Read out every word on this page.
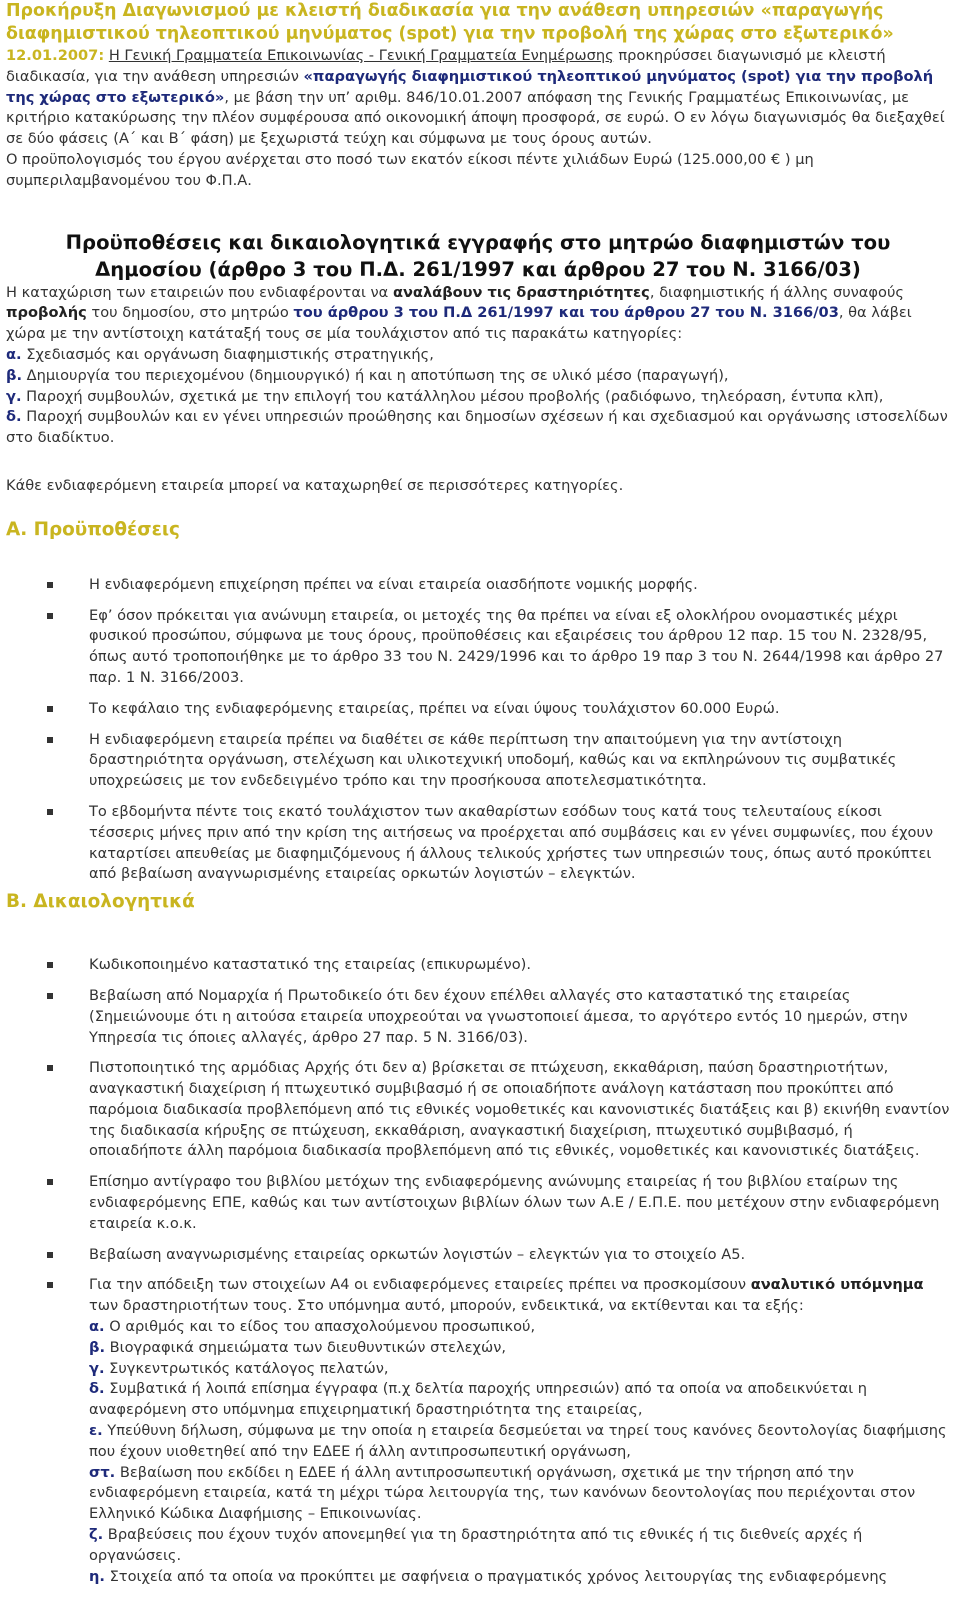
Προκήρυξη Διαγωνισμού με κλειστή διαδικασία για την ανάθεση υπηρεσιών «παραγωγής
διαφημιστικού τηλεοπτικού μηνύματος (spot) για την προβολή της χώρας στο εξωτερικό»

12.01.2007: Η Γενική Γραμματεία Επικοινωνίας - Γενική Γραμματεία Ενημέρωσης προκηρύσσει διαγωνισμό με κλειστή διαδικασία, για την ανάθεση υπηρεσιών «παραγωγής διαφημιστικού τηλεοπτικού μηνύματος (spot) για την προβολή της χώρας στο εξωτερικό», με βάση την υπ’ αριθμ. 846/10.01.2007 απόφαση της Γενικής Γραμματέως Επικοινωνίας, με κριτήριο κατακύρωσης την πλέον συμφέρουσα από οικονομική άποψη προσφορά, σε ευρώ. Ο εν λόγω διαγωνισμός θα διεξαχθεί σε δύο φάσεις (Α΄ και Β΄ φάση) με ξεχωριστά τεύχη και σύμφωνα με τους όρους αυτών.
Ο προϋπολογισμός του έργου ανέρχεται στο ποσό των εκατόν είκοσι πέντε χιλιάδων Ευρώ (125.000,00 € ) μη συμπεριλαμβανομένου του Φ.Π.Α.

Προϋποθέσεις και δικαιολογητικά εγγραφής στο μητρώο διαφημιστών του
Δημοσίου (άρθρο 3 του Π.Δ. 261/1997 και άρθρου 27 του Ν. 3166/03)

Η καταχώριση των εταιρειών που ενδιαφέρονται να αναλάβουν τις δραστηριότητες, διαφημιστικής ή άλλης συναφούς προβολής του δημοσίου, στο μητρώο του άρθρου 3 του Π.Δ 261/1997 και του άρθρου 27 του Ν. 3166/03, θα λάβει χώρα με την αντίστοιχη κατάταξή τους σε μία τουλάχιστον από τις παρακάτω κατηγορίες:

α. Σχεδιασμός και οργάνωση διαφημιστικής στρατηγικής,
β. Δημιουργία του περιεχομένου (δημιουργικό) ή και η αποτύπωση της σε υλικό μέσο (παραγωγή),
γ. Παροχή συμβουλών, σχετικά με την επιλογή του κατάλληλου μέσου προβολής (ραδιόφωνο, τηλεόραση, έντυπα κλπ),
δ. Παροχή συμβουλών και εν γένει υπηρεσιών προώθησης και δημοσίων σχέσεων ή και σχεδιασμού και οργάνωσης ιστοσελίδων στο διαδίκτυο.

Κάθε ενδιαφερόμενη εταιρεία μπορεί να καταχωρηθεί σε περισσότερες κατηγορίες.

Α. Προϋποθέσεις
Η ενδιαφερόμενη επιχείρηση πρέπει να είναι εταιρεία οιασδήποτε νομικής μορφής.
Εφ’ όσον πρόκειται για ανώνυμη εταιρεία, οι μετοχές της θα πρέπει να είναι εξ ολοκλήρου ονομαστικές μέχρι φυσικού προσώπου, σύμφωνα με τους όρους, προϋποθέσεις και εξαιρέσεις του άρθρου 12 παρ. 15 του Ν. 2328/95, όπως αυτό τροποποιήθηκε με το άρθρο 33 του Ν. 2429/1996 και το άρθρο 19 παρ 3 του Ν. 2644/1998 και άρθρο 27 παρ. 1 Ν. 3166/2003.
Το κεφάλαιο της ενδιαφερόμενης εταιρείας, πρέπει να είναι ύψους τουλάχιστον 60.000 Ευρώ.
Η ενδιαφερόμενη εταιρεία πρέπει να διαθέτει σε κάθε περίπτωση την απαιτούμενη για την αντίστοιχη δραστηριότητα οργάνωση, στελέχωση και υλικοτεχνική υποδομή, καθώς και να εκπληρώνουν τις συμβατικές υποχρεώσεις με τον ενδεδειγμένο τρόπο και την προσήκουσα αποτελεσματικότητα.
Το εβδομήντα πέντε τοις εκατό τουλάχιστον των ακαθαρίστων εσόδων τους κατά τους τελευταίους είκοσι τέσσερις μήνες πριν από την κρίση της αιτήσεως να προέρχεται από συμβάσεις και εν γένει συμφωνίες, που έχουν καταρτίσει απευθείας με διαφημιζόμενους ή άλλους τελικούς χρήστες των υπηρεσιών τους, όπως αυτό προκύπτει από βεβαίωση αναγνωρισμένης εταιρείας ορκωτών λογιστών – ελεγκτών.
Β. Δικαιολογητικά
Κωδικοποιημένο καταστατικό της εταιρείας (επικυρωμένο).
Βεβαίωση από Νομαρχία ή Πρωτοδικείο ότι δεν έχουν επέλθει αλλαγές στο καταστατικό της εταιρείας (Σημειώνουμε ότι η αιτούσα εταιρεία υποχρεούται να γνωστοποιεί άμεσα, το αργότερο εντός 10 ημερών, στην Υπηρεσία τις όποιες αλλαγές, άρθρο 27 παρ. 5 Ν. 3166/03).
Πιστοποιητικό της αρμόδιας Αρχής ότι δεν α) βρίσκεται σε πτώχευση, εκκαθάριση, παύση δραστηριοτήτων, αναγκαστική διαχείριση ή πτωχευτικό συμβιβασμό ή σε οποιαδήποτε ανάλογη κατάσταση που προκύπτει από παρόμοια διαδικασία προβλεπόμενη από τις εθνικές νομοθετικές και κανονιστικές διατάξεις και β) εκινήθη εναντίον της διαδικασία κήρυξης σε πτώχευση, εκκαθάριση, αναγκαστική διαχείριση, πτωχευτικό συμβιβασμό, ή οποιαδήποτε άλλη παρόμοια διαδικασία προβλεπόμενη από τις εθνικές, νομοθετικές και κανονιστικές διατάξεις.
Επίσημο αντίγραφο του βιβλίου μετόχων της ενδιαφερόμενης ανώνυμης εταιρείας ή του βιβλίου εταίρων της ενδιαφερόμενης ΕΠΕ, καθώς και των αντίστοιχων βιβλίων όλων των Α.Ε / Ε.Π.Ε. που μετέχουν στην ενδιαφερόμενη εταιρεία κ.ο.κ.
Βεβαίωση αναγνωρισμένης εταιρείας ορκωτών λογιστών – ελεγκτών για το στοιχείο Α5.
Για την απόδειξη των στοιχείων Α4 οι ενδιαφερόμενες εταιρείες πρέπει να προσκομίσουν αναλυτικό υπόμνημα των δραστηριοτήτων τους. Στο υπόμνημα αυτό, μπορούν, ενδεικτικά, να εκτίθενται και τα εξής:
α. Ο αριθμός και το είδος του απασχολούμενου προσωπικού,
β. Βιογραφικά σημειώματα των διευθυντικών στελεχών,
γ. Συγκεντρωτικός κατάλογος πελατών,
δ. Συμβατικά ή λοιπά επίσημα έγγραφα (π.χ δελτία παροχής υπηρεσιών) από τα οποία να αποδεικνύεται η αναφερόμενη στο υπόμνημα επιχειρηματική δραστηριότητα της εταιρείας,
ε. Υπεύθυνη δήλωση, σύμφωνα με την οποία η εταιρεία δεσμεύεται να τηρεί τους κανόνες δεοντολογίας διαφήμισης που έχουν υιοθετηθεί από την ΕΔΕΕ ή άλλη αντιπροσωπευτική οργάνωση,
στ. Βεβαίωση που εκδίδει η ΕΔΕΕ ή άλλη αντιπροσωπευτική οργάνωση, σχετικά με την τήρηση από την ενδιαφερόμενη εταιρεία, κατά τη μέχρι τώρα λειτουργία της, των κανόνων δεοντολογίας που περιέχονται στον Ελληνικό Κώδικα Διαφήμισης – Επικοινωνίας.
ζ. Βραβεύσεις που έχουν τυχόν απονεμηθεί για τη δραστηριότητα από τις εθνικές ή τις διεθνείς αρχές ή οργανώσεις.
η. Στοιχεία από τα οποία να προκύπτει με σαφήνεια ο πραγματικός χρόνος λειτουργίας της ενδιαφερόμενης
